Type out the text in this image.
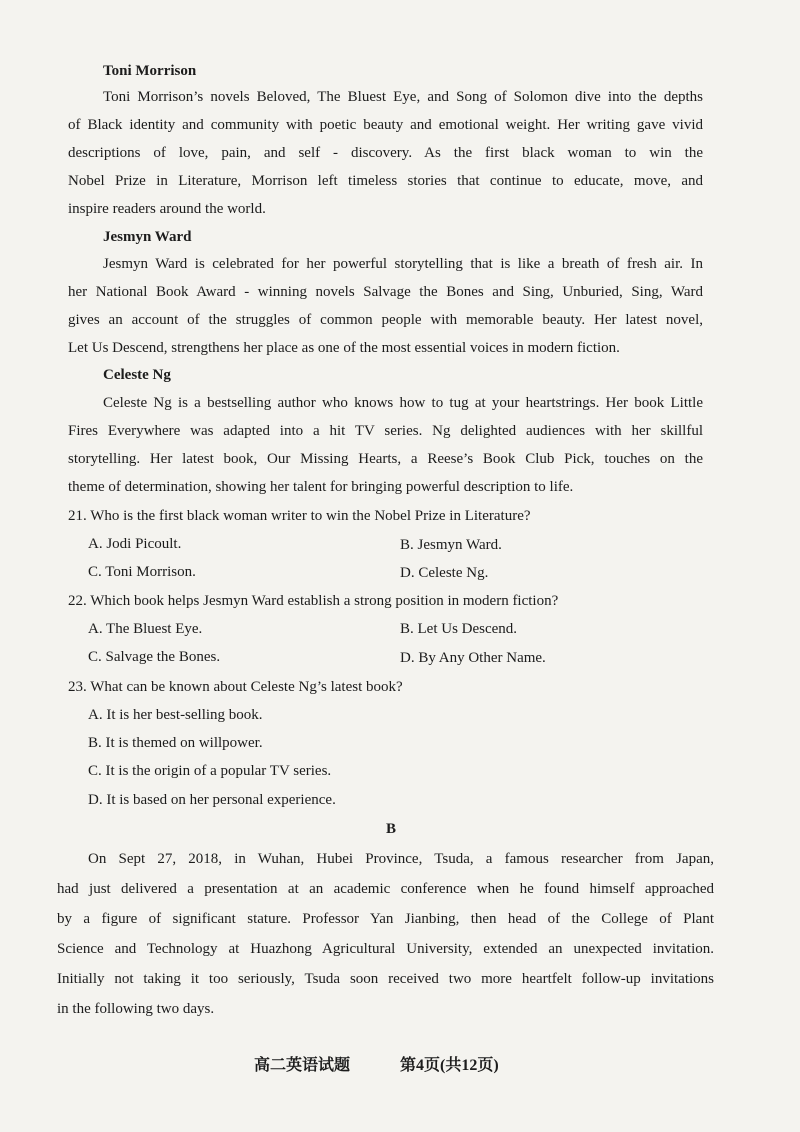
Toni Morrison
Toni Morrison’s novels Beloved, The Bluest Eye, and Song of Solomon dive into the depths
of Black identity and community with poetic beauty and emotional weight. Her writing gave vivid
descriptions of love, pain, and self - discovery. As the first black woman to win the
Nobel Prize in Literature, Morrison left timeless stories that continue to educate, move, and
inspire readers around the world.
Jesmyn Ward
Jesmyn Ward is celebrated for her powerful storytelling that is like a breath of fresh air. In
her National Book Award - winning novels Salvage the Bones and Sing, Unburied, Sing, Ward
gives an account of the struggles of common people with memorable beauty. Her latest novel,
Let Us Descend, strengthens her place as one of the most essential voices in modern fiction.
Celeste Ng
Celeste Ng is a bestselling author who knows how to tug at your heartstrings. Her book Little
Fires Everywhere was adapted into a hit TV series. Ng delighted audiences with her skillful
storytelling. Her latest book, Our Missing Hearts, a Reese’s Book Club Pick, touches on the
theme of determination, showing her talent for bringing powerful description to life.
21. Who is the first black woman writer to win the Nobel Prize in Literature?
A. Jodi Picoult.	B. Jesmyn Ward.
C. Toni Morrison.	D. Celeste Ng.
22. Which book helps Jesmyn Ward establish a strong position in modern fiction?
A. The Bluest Eye.	B. Let Us Descend.
C. Salvage the Bones.	D. By Any Other Name.
23. What can be known about Celeste Ng’s latest book?
A. It is her best-selling book.
B. It is themed on willpower.
C. It is the origin of a popular TV series.
D. It is based on her personal experience.
B
On Sept 27, 2018, in Wuhan, Hubei Province, Tsuda, a famous researcher from Japan,
had just delivered a presentation at an academic conference when he found himself approached
by a figure of significant stature. Professor Yan Jianbing, then head of the College of Plant
Science and Technology at Huazhong Agricultural University, extended an unexpected invitation.
Initially not taking it too seriously, Tsuda soon received two more heartfelt follow-up invitations
in the following two days.
高二英语试题	第4页(共12页)
